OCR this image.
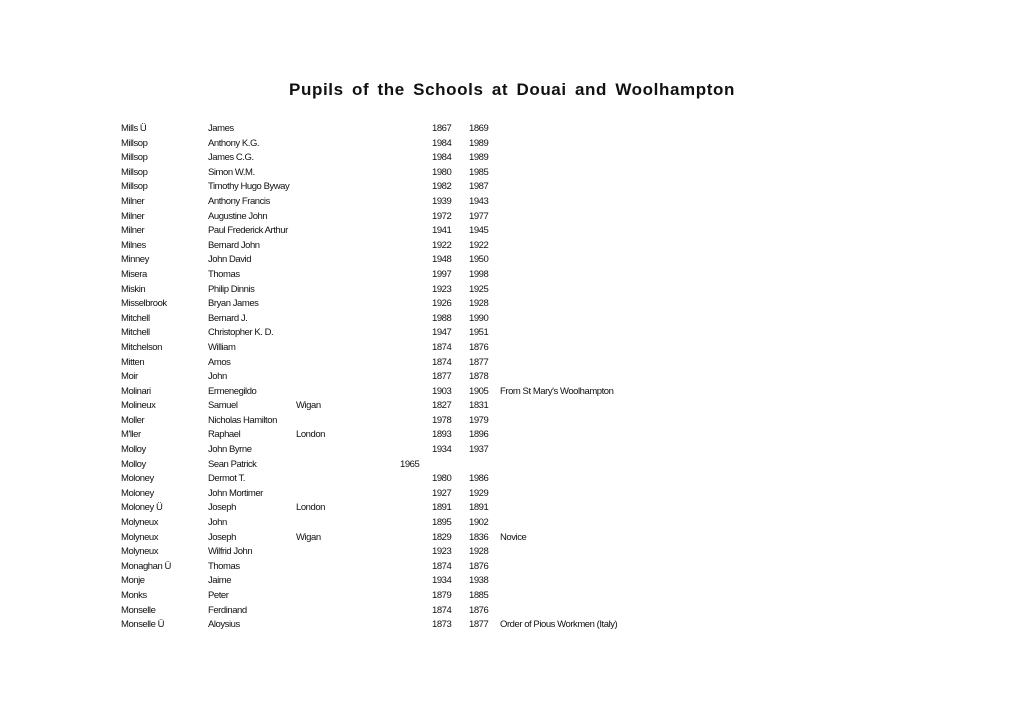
Pupils of the Schools at Douai and Woolhampton
Mills Ü	James	1867 1869
Millsop	Anthony K.G.	1984 1989
Millsop	James C.G.	1984 1989
Millsop	Simon W.M.	1980 1985
Millsop	Timothy Hugo Byway	1982 1987
Milner	Anthony Francis	1939 1943
Milner	Augustine John	1972 1977
Milner	Paul Frederick Arthur	1941 1945
Milnes	Bernard John	1922 1922
Minney	John David	1948 1950
Misera	Thomas	1997 1998
Miskin	Philip Dinnis	1923 1925
Misselbrook	Bryan James	1926 1928
Mitchell	Bernard J.	1988 1990
Mitchell	Christopher K. D.	1947 1951
Mitchelson	William	1874 1876
Mitten	Amos	1874 1877
Moir	John	1877 1878
Molinari	Ermenegildo	1903 1905 From St Mary's Woolhampton
Molineux	Samuel	Wigan	1827 1831
Moller	Nicholas Hamilton	1978 1979
M'ller	Raphael	London	1893 1896
Molloy	John Byrne	1934 1937
Molloy	Sean Patrick	1965
Moloney	Dermot T.	1980 1986
Moloney	John Mortimer	1927 1929
Moloney Ü	Joseph	London	1891 1891
Molyneux	John	1895 1902
Molyneux	Joseph	Wigan	1829 1836 Novice
Molyneux	Wilfrid John	1923 1928
Monaghan Ü	Thomas	1874 1876
Monje	Jaime	1934 1938
Monks	Peter	1879 1885
Monselle	Ferdinand	1874 1876
Monselle Ü	Aloysius	1873 1877 Order of Pious Workmen (Italy)
